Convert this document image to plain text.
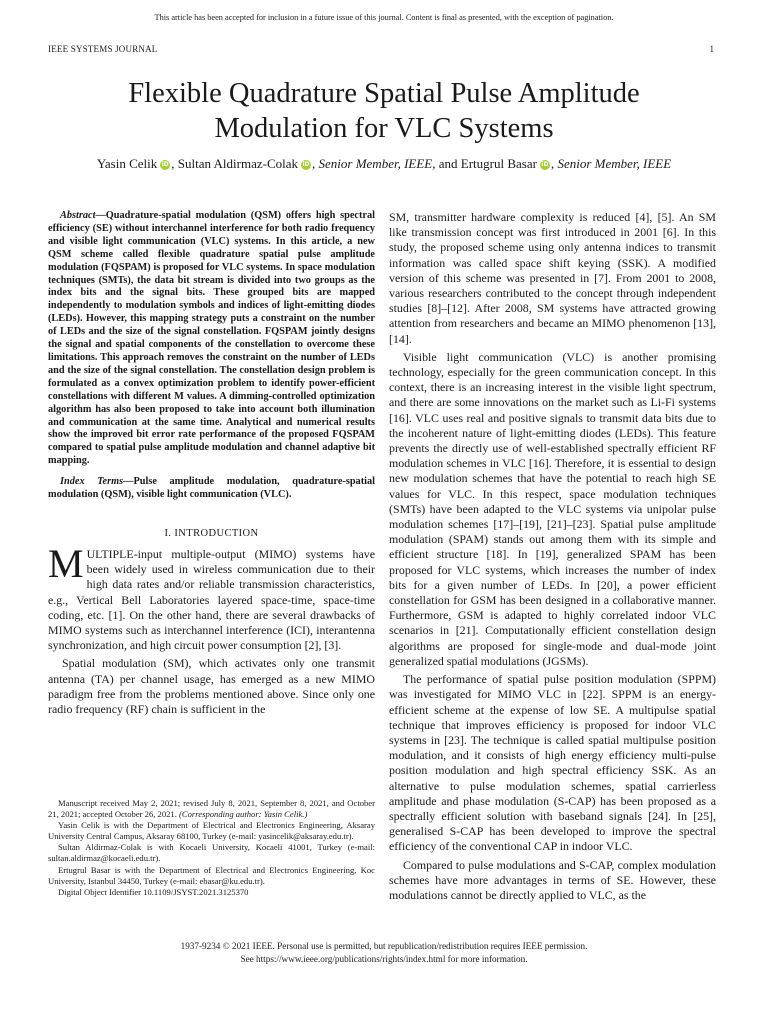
This article has been accepted for inclusion in a future issue of this journal. Content is final as presented, with the exception of pagination.
IEEE SYSTEMS JOURNAL	1
Flexible Quadrature Spatial Pulse Amplitude
Modulation for VLC Systems
Yasin Celik iD , Sultan Aldirmaz-Colak iD , Senior Member, IEEE, and Ertugrul Basar iD , Senior Member, IEEE

Abstract—Quadrature-spatial modulation (QSM) offers high spectral efficiency (SE) without interchannel interference for both radio frequency and visible light communication (VLC) systems. In this article, a new QSM scheme called flexible quadrature spatial pulse amplitude modulation (FQSPAM) is proposed for VLC systems. In space modulation techniques (SMTs), the data bit stream is divided into two groups as the index bits and the signal bits. These grouped bits are mapped independently to modulation symbols and indices of light-emitting diodes (LEDs). However, this mapping strategy puts a constraint on the number of LEDs and the size of the signal constellation. FQSPAM jointly designs the signal and spatial components of the constellation to overcome these limitations. This approach removes the constraint on the number of LEDs and the size of the signal constellation. The constellation design problem is formulated as a convex optimization problem to identify power-efficient constellations with different M values. A dimming-controlled optimization algorithm has also been proposed to take into account both illumination and communication at the same time. Analytical and numerical results show the improved bit error rate performance of the proposed FQSPAM compared to spatial pulse amplitude modulation and channel adaptive bit mapping.

Index Terms—Pulse amplitude modulation, quadrature-spatial modulation (QSM), visible light communication (VLC).

I. INTRODUCTION

MULTIPLE-input multiple-output (MIMO) systems have been widely used in wireless communication due to their high data rates and/or reliable transmission characteristics, e.g., Vertical Bell Laboratories layered space-time, space-time coding, etc. [1]. On the other hand, there are several drawbacks of MIMO systems such as interchannel interference (ICI), interantenna synchronization, and high circuit power consumption [2], [3].

Spatial modulation (SM), which activates only one transmit antenna (TA) per channel usage, has emerged as a new MIMO paradigm free from the problems mentioned above. Since only one radio frequency (RF) chain is sufficient in the

Manuscript received May 2, 2021; revised July 8, 2021, September 8, 2021, and October 21, 2021; accepted October 26, 2021. (Corresponding author: Yasin Celik.)

Yasin Celik is with the Department of Electrical and Electronics Engineering, Aksaray University Central Campus, Aksaray 68100, Turkey (e-mail: yasincelik@aksaray.edu.tr).

Sultan Aldirmaz-Colak is with Kocaeli University, Kocaeli 41001, Turkey (e-mail: sultan.aldirmaz@kocaeli.edu.tr).

Ertugrul Basar is with the Department of Electrical and Electronics Engineering, Koc University, Istanbul 34450, Turkey (e-mail: ebasar@ku.edu.tr).

Digital Object Identifier 10.1109/JSYST.2021.3125370

SM, transmitter hardware complexity is reduced [4], [5]. An SM like transmission concept was first introduced in 2001 [6]. In this study, the proposed scheme using only antenna indices to transmit information was called space shift keying (SSK). A modified version of this scheme was presented in [7]. From 2001 to 2008, various researchers contributed to the concept through independent studies [8]–[12]. After 2008, SM systems have attracted growing attention from researchers and became an MIMO phenomenon [13], [14].

Visible light communication (VLC) is another promising technology, especially for the green communication concept. In this context, there is an increasing interest in the visible light spectrum, and there are some innovations on the market such as Li-Fi systems [16]. VLC uses real and positive signals to transmit data bits due to the incoherent nature of light-emitting diodes (LEDs). This feature prevents the directly use of well-established spectrally efficient RF modulation schemes in VLC [16]. Therefore, it is essential to design new modulation schemes that have the potential to reach high SE values for VLC. In this respect, space modulation techniques (SMTs) have been adapted to the VLC systems via unipolar pulse modulation schemes [17]–[19], [21]–[23]. Spatial pulse amplitude modulation (SPAM) stands out among them with its simple and efficient structure [18]. In [19], generalized SPAM has been proposed for VLC systems, which increases the number of index bits for a given number of LEDs. In [20], a power efficient constellation for GSM has been designed in a collaborative manner. Furthermore, GSM is adapted to highly correlated indoor VLC scenarios in [21]. Computationally efficient constellation design algorithms are proposed for single-mode and dual-mode joint generalized spatial modulations (JGSMs).

The performance of spatial pulse position modulation (SPPM) was investigated for MIMO VLC in [22]. SPPM is an energy-efficient scheme at the expense of low SE. A multipulse spatial technique that improves efficiency is proposed for indoor VLC systems in [23]. The technique is called spatial multipulse position modulation, and it consists of high energy efficiency multi-pulse position modulation and high spectral efficiency SSK. As an alternative to pulse modulation schemes, spatial carrierless amplitude and phase modulation (S-CAP) has been proposed as a spectrally efficient solution with baseband signals [24]. In [25], generalised S-CAP has been developed to improve the spectral efficiency of the conventional CAP in indoor VLC.

Compared to pulse modulations and S-CAP, complex modulation schemes have more advantages in terms of SE. However, these modulations cannot be directly applied to VLC, as the

1937-9234 © 2021 IEEE. Personal use is permitted, but republication/redistribution requires IEEE permission.
See https://www.ieee.org/publications/rights/index.html for more information.
